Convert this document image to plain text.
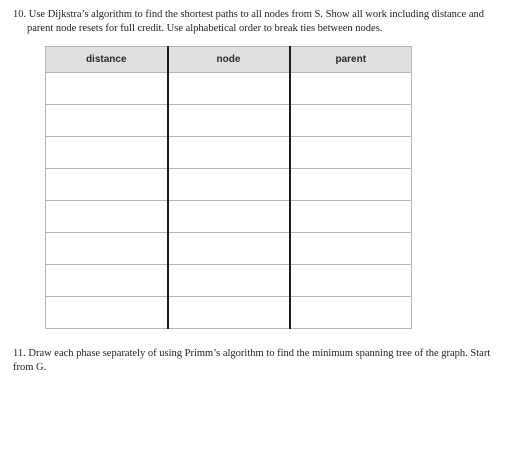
10. Use Dijkstra’s algorithm to find the shortest paths to all nodes from S. Show all work including distance and
parent node resets for full credit. Use alphabetical order to break ties between nodes.
distance	node	parent

11. Draw each phase separately of using Primm’s algorithm to find the minimum spanning tree of the graph. Start
from G.
